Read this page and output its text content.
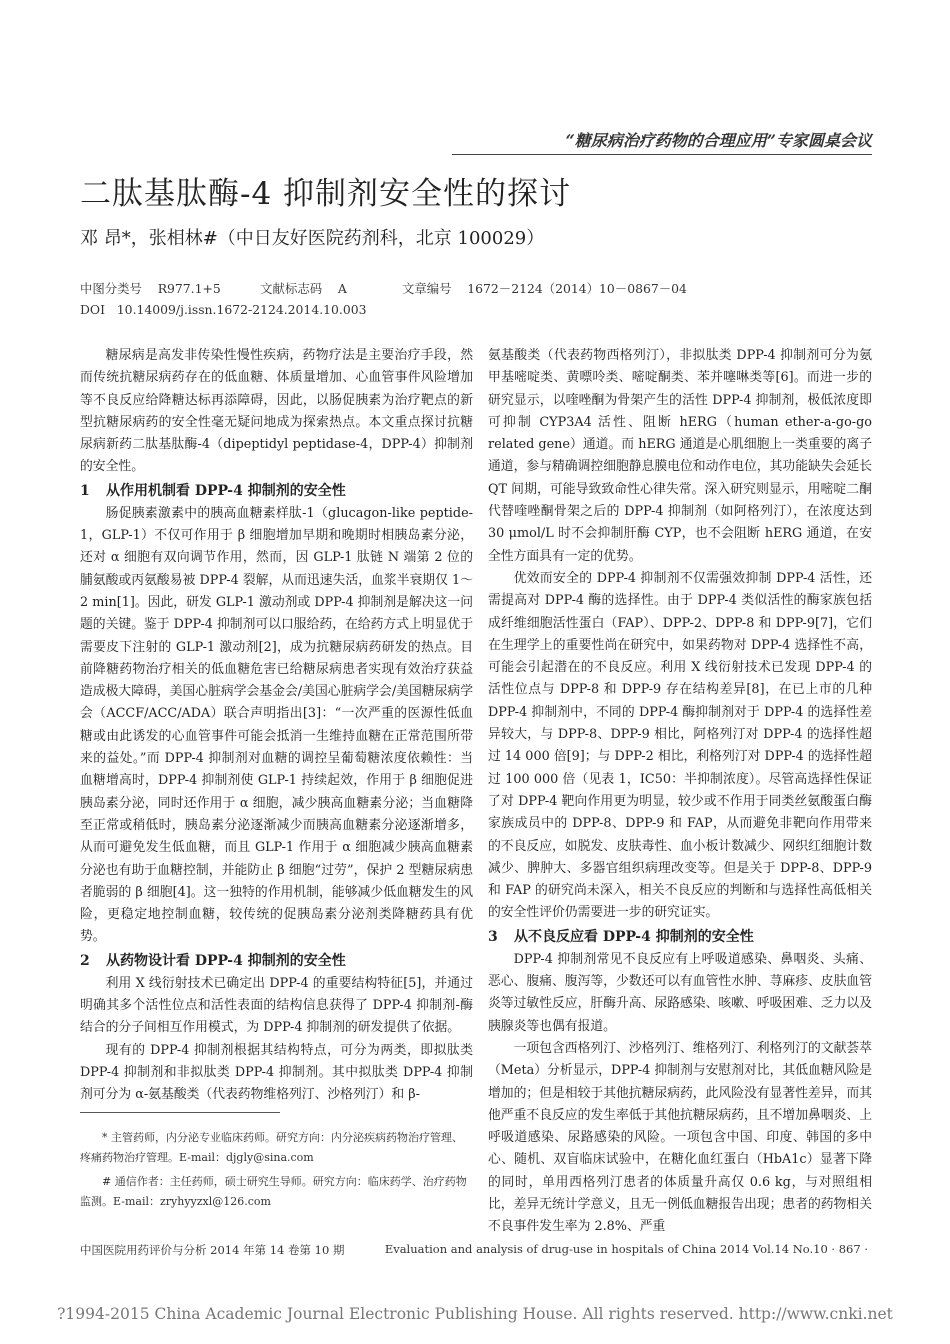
“糖尿病治疗药物的合理应用”专家圆桌会议
二肽基肽酶-4 抑制剂安全性的探讨
邓 昂*，张相林#（中日友好医院药剂科，北京 100029）
中图分类号    R977.1+5          文献标志码    A              文章编号    1672－2124（2014）10－0867－04
DOI   10.14009/j.issn.1672-2124.2014.10.003

糖尿病是高发非传染性慢性疾病，药物疗法是主要治疗手段，然而传统抗糖尿病药存在的低血糖、体质量增加、心血管事件风险增加等不良反应给降糖达标再添障碍，因此，以肠促胰素为治疗靶点的新型抗糖尿病药的安全性毫无疑问地成为探索热点。本文重点探讨抗糖尿病新药二肽基肽酶-4（dipeptidyl peptidase-4，DPP-4）抑制剂的安全性。

1 从作用机制看 DPP-4 抑制剂的安全性

肠促胰素激素中的胰高血糖素样肽-1（glucagon-like peptide-1，GLP-1）不仅可作用于 β 细胞增加早期和晚期时相胰岛素分泌，还对 α 细胞有双向调节作用，然而，因 GLP-1 肽链 N 端第 2 位的脯氨酸或丙氨酸易被 DPP-4 裂解，从而迅速失活，血浆半衰期仅 1～2 min[1]。因此，研发 GLP-1 激动剂或 DPP-4 抑制剂是解决这一问题的关键。鉴于 DPP-4 抑制剂可以口服给药，在给药方式上明显优于需要皮下注射的 GLP-1 激动剂[2]，成为抗糖尿病药研发的热点。目前降糖药物治疗相关的低血糖危害已给糖尿病患者实现有效治疗获益造成极大障碍，美国心脏病学会基金会/美国心脏病学会/美国糖尿病学会（ACCF/ACC/ADA）联合声明指出[3]：“一次严重的医源性低血糖或由此诱发的心血管事件可能会抵消一生维持血糖在正常范围所带来的益处。”而 DPP-4 抑制剂对血糖的调控呈葡萄糖浓度依赖性：当血糖增高时，DPP-4 抑制剂使 GLP-1 持续起效，作用于 β 细胞促进胰岛素分泌，同时还作用于 α 细胞，减少胰高血糖素分泌；当血糖降至正常或稍低时，胰岛素分泌逐渐减少而胰高血糖素分泌逐渐增多，从而可避免发生低血糖，而且 GLP-1 作用于 α 细胞减少胰高血糖素分泌也有助于血糖控制，并能防止 β 细胞“过劳”，保护 2 型糖尿病患者脆弱的 β 细胞[4]。这一独特的作用机制，能够减少低血糖发生的风险，更稳定地控制血糖，较传统的促胰岛素分泌剂类降糖药具有优势。

2 从药物设计看 DPP-4 抑制剂的安全性

利用 X 线衍射技术已确定出 DPP-4 的重要结构特征[5]，并通过明确其多个活性位点和活性表面的结构信息获得了 DPP-4 抑制剂-酶结合的分子间相互作用模式，为 DPP-4 抑制剂的研发提供了依据。

现有的 DPP-4 抑制剂根据其结构特点，可分为两类，即拟肽类 DPP-4 抑制剂和非拟肽类 DPP-4 抑制剂。其中拟肽类 DPP-4 抑制剂可分为 α-氨基酸类（代表药物维格列汀、沙格列汀）和 β-

* 主管药师，内分泌专业临床药师。研究方向：内分泌疾病药物治疗管理、疼痛药物治疗管理。E-mail：djgly@sina.com
# 通信作者：主任药师，硕士研究生导师。研究方向：临床药学、治疗药物监测。E-mail：zryhyyzxl@126.com

氨基酸类（代表药物西格列汀），非拟肽类 DPP-4 抑制剂可分为氨甲基嘧啶类、黄嘌呤类、嘧啶酮类、苯并噻啉类等[6]。而进一步的研究显示，以喹唑酮为骨架产生的活性 DPP-4 抑制剂，极低浓度即可抑制 CYP3A4 活性、阻断 hERG（human ether-a-go-go related gene）通道。而 hERG 通道是心肌细胞上一类重要的离子通道，参与精确调控细胞静息膜电位和动作电位，其功能缺失会延长 QT 间期，可能导致致命性心律失常。深入研究则显示，用嘧啶二酮代替喹唑酮骨架之后的 DPP-4 抑制剂（如阿格列汀），在浓度达到 30 μmol/L 时不会抑制肝酶 CYP，也不会阻断 hERG 通道，在安全性方面具有一定的优势。

优效而安全的 DPP-4 抑制剂不仅需强效抑制 DPP-4 活性，还需提高对 DPP-4 酶的选择性。由于 DPP-4 类似活性的酶家族包括成纤维细胞活性蛋白（FAP）、DPP-2、DPP-8 和 DPP-9[7]，它们在生理学上的重要性尚在研究中，如果药物对 DPP-4 选择性不高，可能会引起潜在的不良反应。利用 X 线衍射技术已发现 DPP-4 的活性位点与 DPP-8 和 DPP-9 存在结构差异[8]，在已上市的几种 DPP-4 抑制剂中，不同的 DPP-4 酶抑制剂对于 DPP-4 的选择性差异较大，与 DPP-8、DPP-9 相比，阿格列汀对 DPP-4 的选择性超过 14 000 倍[9]；与 DPP-2 相比，利格列汀对 DPP-4 的选择性超过 100 000 倍（见表 1，IC50：半抑制浓度）。尽管高选择性保证了对 DPP-4 靶向作用更为明显，较少或不作用于同类丝氨酸蛋白酶家族成员中的 DPP-8、DPP-9 和 FAP，从而避免非靶向作用带来的不良反应，如脱发、皮肤毒性、血小板计数减少、网织红细胞计数减少、脾肿大、多器官组织病理改变等。但是关于 DPP-8、DPP-9 和 FAP 的研究尚未深入，相关不良反应的判断和与选择性高低相关的安全性评价仍需要进一步的研究证实。

3 从不良反应看 DPP-4 抑制剂的安全性

DPP-4 抑制剂常见不良反应有上呼吸道感染、鼻咽炎、头痛、恶心、腹痛、腹泻等，少数还可以有血管性水肿、荨麻疹、皮肤血管炎等过敏性反应，肝酶升高、尿路感染、咳嗽、呼吸困难、乏力以及胰腺炎等也偶有报道。

一项包含西格列汀、沙格列汀、维格列汀、利格列汀的文献荟萃（Meta）分析显示，DPP-4 抑制剂与安慰剂对比，其低血糖风险是增加的；但是相较于其他抗糖尿病药，此风险没有显著性差异，而其他严重不良反应的发生率低于其他抗糖尿病药，且不增加鼻咽炎、上呼吸道感染、尿路感染的风险。一项包含中国、印度、韩国的多中心、随机、双盲临床试验中，在糖化血红蛋白（HbA1c）显著下降的同时，单用西格列汀患者的体质量升高仅 0.6 kg，与对照组相比，差异无统计学意义，且无一例低血糖报告出现；患者的药物相关不良事件发生率为 2.8%、严重

中国医院用药评价与分析 2014 年第 14 卷第 10 期	Evaluation and analysis of drug-use in hospitals of China 2014 Vol.14 No.10 · 867 ·
?1994-2015 China Academic Journal Electronic Publishing House. All rights reserved. http://www.cnki.net
